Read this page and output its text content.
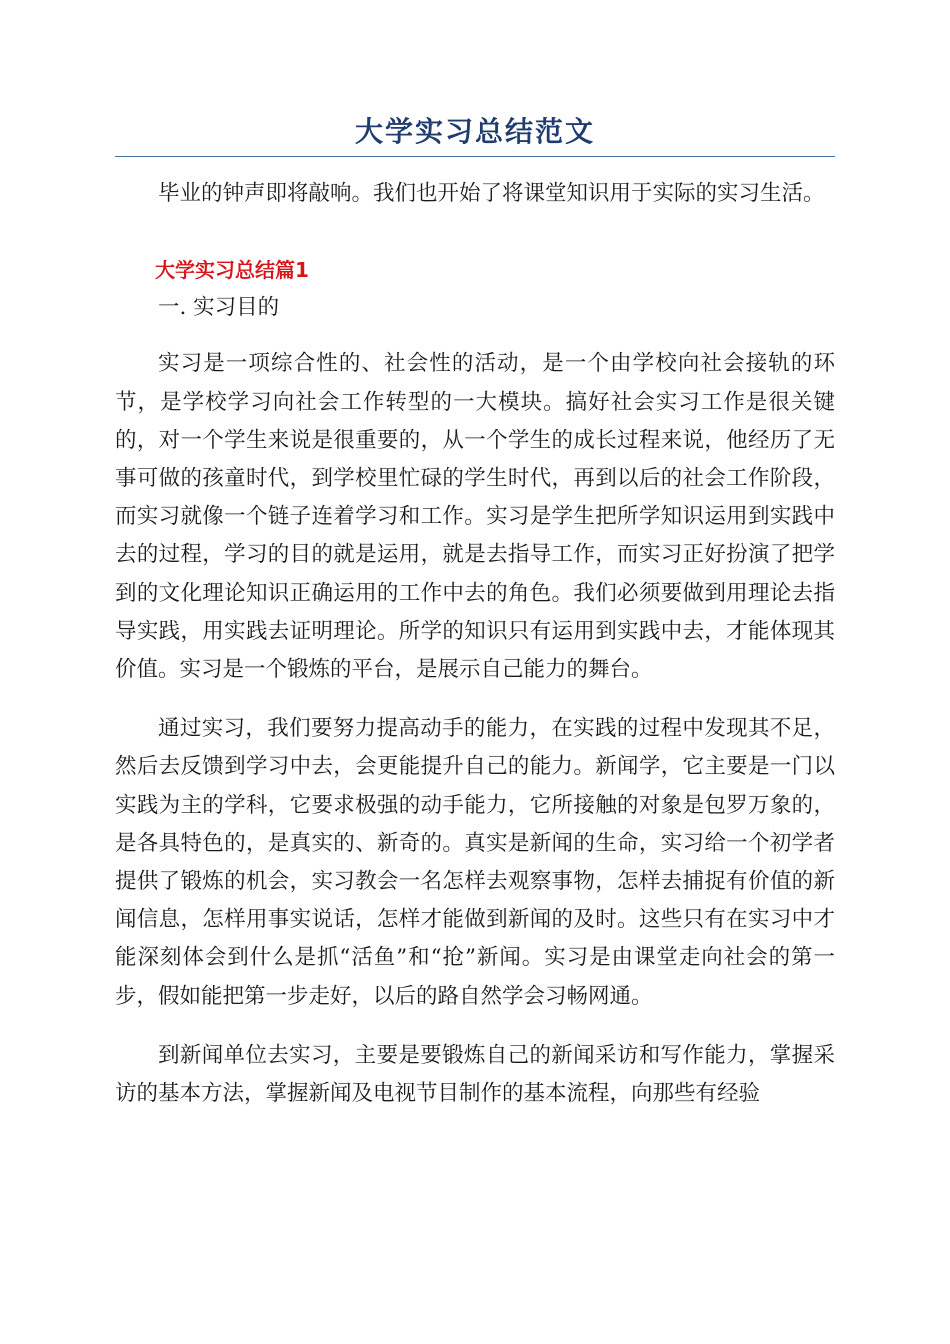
大学实习总结范文

毕业的钟声即将敲响。我们也开始了将课堂知识用于实际的实习生活。

大学实习总结篇1

一. 实习目的

实习是一项综合性的、社会性的活动，是一个由学校向社会接轨的环节，是学校学习向社会工作转型的一大模块。搞好社会实习工作是很关键的，对一个学生来说是很重要的，从一个学生的成长过程来说，他经历了无事可做的孩童时代，到学校里忙碌的学生时代，再到以后的社会工作阶段，而实习就像一个链子连着学习和工作。实习是学生把所学知识运用到实践中去的过程，学习的目的就是运用，就是去指导工作，而实习正好扮演了把学到的文化理论知识正确运用的工作中去的角色。我们必须要做到用理论去指导实践，用实践去证明理论。所学的知识只有运用到实践中去，才能体现其价值。实习是一个锻炼的平台，是展示自己能力的舞台。

通过实习，我们要努力提高动手的能力，在实践的过程中发现其不足，然后去反馈到学习中去，会更能提升自己的能力。新闻学，它主要是一门以实践为主的学科，它要求极强的动手能力，它所接触的对象是包罗万象的，是各具特色的，是真实的、新奇的。真实是新闻的生命，实习给一个初学者提供了锻炼的机会，实习教会一名怎样去观察事物，怎样去捕捉有价值的新闻信息，怎样用事实说话，怎样才能做到新闻的及时。这些只有在实习中才能深刻体会到什么是抓“活鱼”和“抢”新闻。实习是由课堂走向社会的第一步，假如能把第一步走好，以后的路自然学会习畅网通。

到新闻单位去实习，主要是要锻炼自己的新闻采访和写作能力，掌握采访的基本方法，掌握新闻及电视节目制作的基本流程，向那些有经验
